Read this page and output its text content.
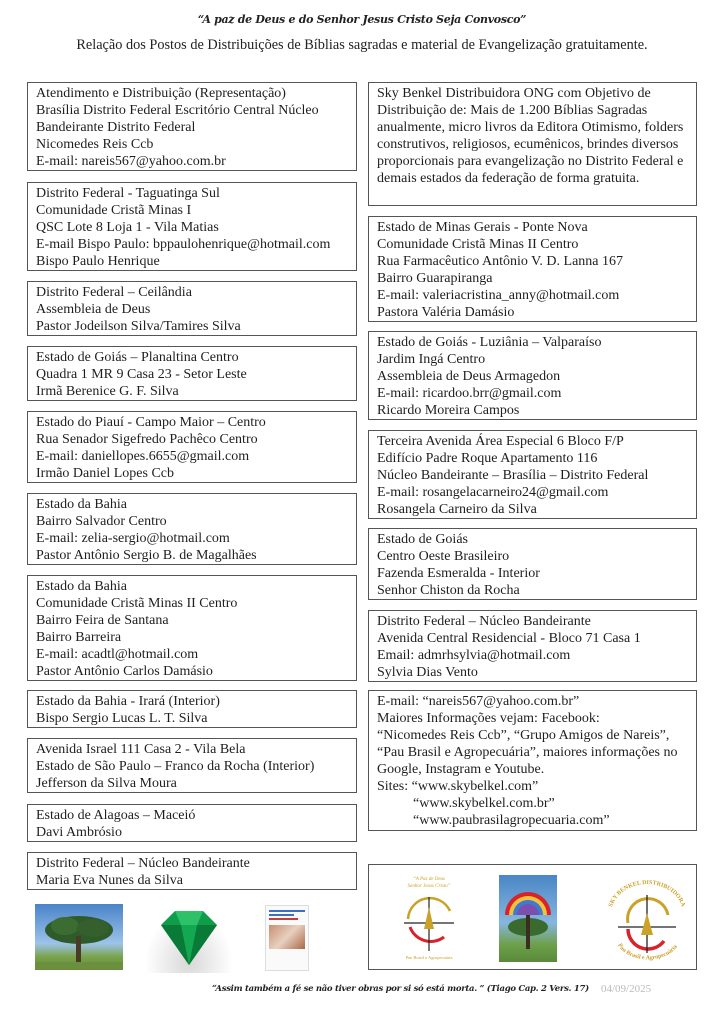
“A paz de Deus e do Senhor Jesus Cristo Seja Convosco”
Relação dos Postos de Distribuições de Bíblias sagradas e material de Evangelização gratuitamente.
Atendimento e Distribuição (Representação)
Brasília Distrito Federal Escritório Central Núcleo
Bandeirante Distrito Federal
Nicomedes Reis Ccb
E-mail: nareis567@yahoo.com.br
Distrito Federal - Taguatinga Sul
Comunidade Cristã Minas I
QSC Lote 8 Loja 1 - Vila Matias
E-mail Bispo Paulo: bppaulohenrique@hotmail.com
Bispo Paulo Henrique
Distrito Federal – Ceilândia
Assembleia de Deus
Pastor Jodeilson Silva/Tamires Silva
Estado de Goiás – Planaltina Centro
Quadra 1 MR 9 Casa 23 - Setor Leste
Irmã Berenice G. F. Silva
Estado do Piauí - Campo Maior – Centro
Rua Senador Sigefredo Pachêco Centro
E-mail: daniellopes.6655@gmail.com
Irmão Daniel Lopes Ccb
Estado da Bahia
Bairro Salvador Centro
E-mail: zelia-sergio@hotmail.com
Pastor Antônio Sergio B. de Magalhães
Estado da Bahia
Comunidade Cristã Minas II Centro
Bairro Feira de Santana
Bairro Barreira
E-mail: acadtl@hotmail.com
Pastor Antônio Carlos Damásio
Estado da Bahia - Irará (Interior)
Bispo Sergio Lucas L. T. Silva
Avenida Israel 111 Casa 2 - Vila Bela
Estado de São Paulo – Franco da Rocha (Interior)
Jefferson da Silva Moura
Estado de Alagoas – Maceió
Davi Ambrósio
Distrito Federal – Núcleo Bandeirante
Maria Eva Nunes da Silva
Sky Benkel Distribuidora ONG com Objetivo de Distribuição de: Mais de 1.200 Bíblias Sagradas anualmente, micro livros da Editora Otimismo, folders construtivos, religiosos, ecumênicos, brindes diversos proporcionais para evangelização no Distrito Federal e demais estados da federação de forma gratuita.
Estado de Minas Gerais - Ponte Nova
Comunidade Cristã Minas II Centro
Rua Farmacêutico Antônio V. D. Lanna 167
Bairro Guarapiranga
E-mail: valeriacristina_anny@hotmail.com
Pastora Valéria Damásio
Estado de Goiás - Luziânia – Valparaíso
Jardim Ingá Centro
Assembleia de Deus Armagedon
E-mail: ricardoo.brr@gmail.com
Ricardo Moreira Campos
Terceira Avenida Área Especial 6 Bloco F/P
Edifício Padre Roque Apartamento 116
Núcleo Bandeirante – Brasília – Distrito Federal
E-mail: rosangelacarneiro24@gmail.com
Rosangela Carneiro da Silva
Estado de Goiás
Centro Oeste Brasileiro
Fazenda Esmeralda - Interior
Senhor Chiston da Rocha
Distrito Federal – Núcleo Bandeirante
Avenida Central Residencial - Bloco 71 Casa 1
Email: admrhsylvia@hotmail.com
Sylvia Dias Vento
E-mail: “nareis567@yahoo.com.br”
Maiores Informações vejam: Facebook:
“Nicomedes Reis Ccb”, “Grupo Amigos de Nareis”,
“Pau Brasil e Agropecuária”, maiores informações no
Google, Instagram e Youtube.
Sites: “www.skybelkel.com”
“www.skybelkel.com.br”
“www.paubrasilagropecuaria.com”
“A Paz de Deus
Senhor Jesus Cristo”
Pau Brasil e Agropecuária
SKY BENKEL DISTRIBUIDORA
Pau Brasil e Agropecuária
“Assim também a fé se não tiver obras por si só está morta. ” (Tiago Cap. 2 Vers. 17) 04/09/2025
